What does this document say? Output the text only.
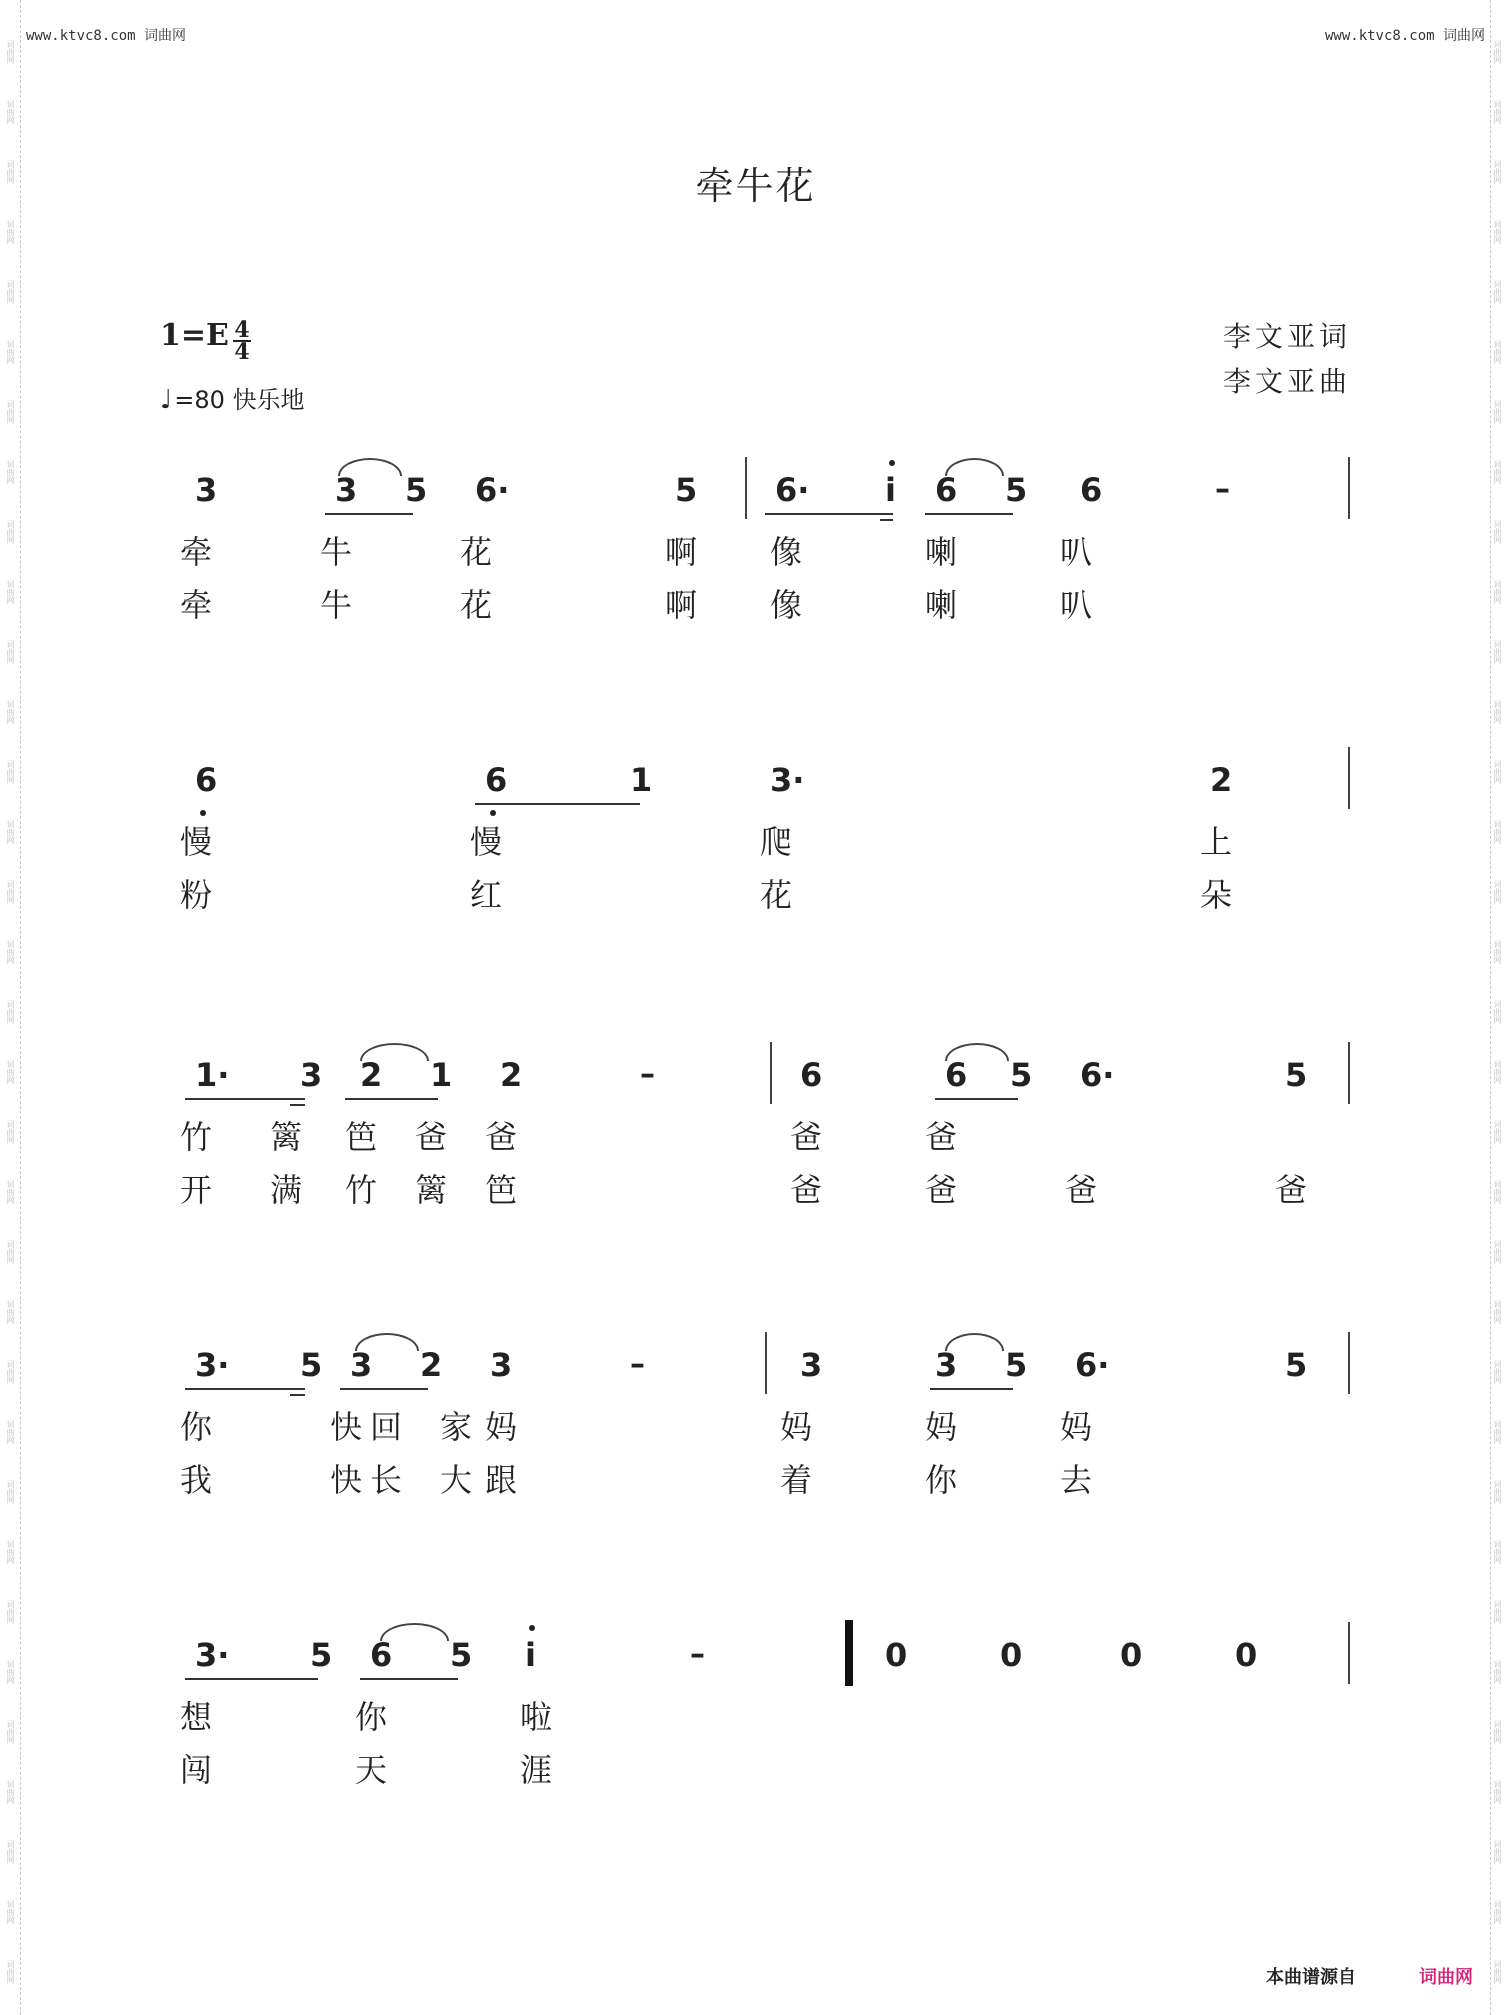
词曲网
词曲网
词曲网
词曲网
词曲网
词曲网
词曲网
词曲网
词曲网
词曲网
词曲网
词曲网
词曲网
词曲网
词曲网
词曲网
词曲网
词曲网
词曲网
词曲网
词曲网
词曲网
词曲网
词曲网
词曲网
词曲网
词曲网
词曲网
词曲网
词曲网
词曲网
词曲网
词曲网
词曲网
词曲网
词曲网
词曲网
词曲网
词曲网
词曲网
词曲网
词曲网
词曲网
词曲网
词曲网
词曲网
词曲网
词曲网
词曲网
词曲网
词曲网
词曲网
词曲网
词曲网
词曲网
词曲网
词曲网
词曲网
词曲网
词曲网
词曲网
词曲网
词曲网
词曲网
词曲网
词曲网
www.ktvc8.com 词曲网	www.ktvc8.com 词曲网
牵牛花
1=E 4
4
♩=80 快乐地
李文亚词
李文亚曲
3	3 5 6·	5 6· i 6 5 6	–
牵	牛	花	啊 像	喇	叭
牵	牛	花	啊 像	喇	叭
6	6	1	3·	2
慢	慢	爬	上
粉	红	花	朵
1· 3 2 1 2	–	6	6 5 6·	5
竹 篱 笆 爸 爸	爸	爸
开 满 竹 篱 笆	爸	爸	爸	爸
3· 5 3 2 3	–	3	3 5 6·	5
你	快 回 家 妈	妈	妈	妈
我	快 长 大 跟	着	你	去
3·	5 6 5 i	–	0	0	0	0
想	你	啦
闯	天	涯
本曲谱源自	词曲网
